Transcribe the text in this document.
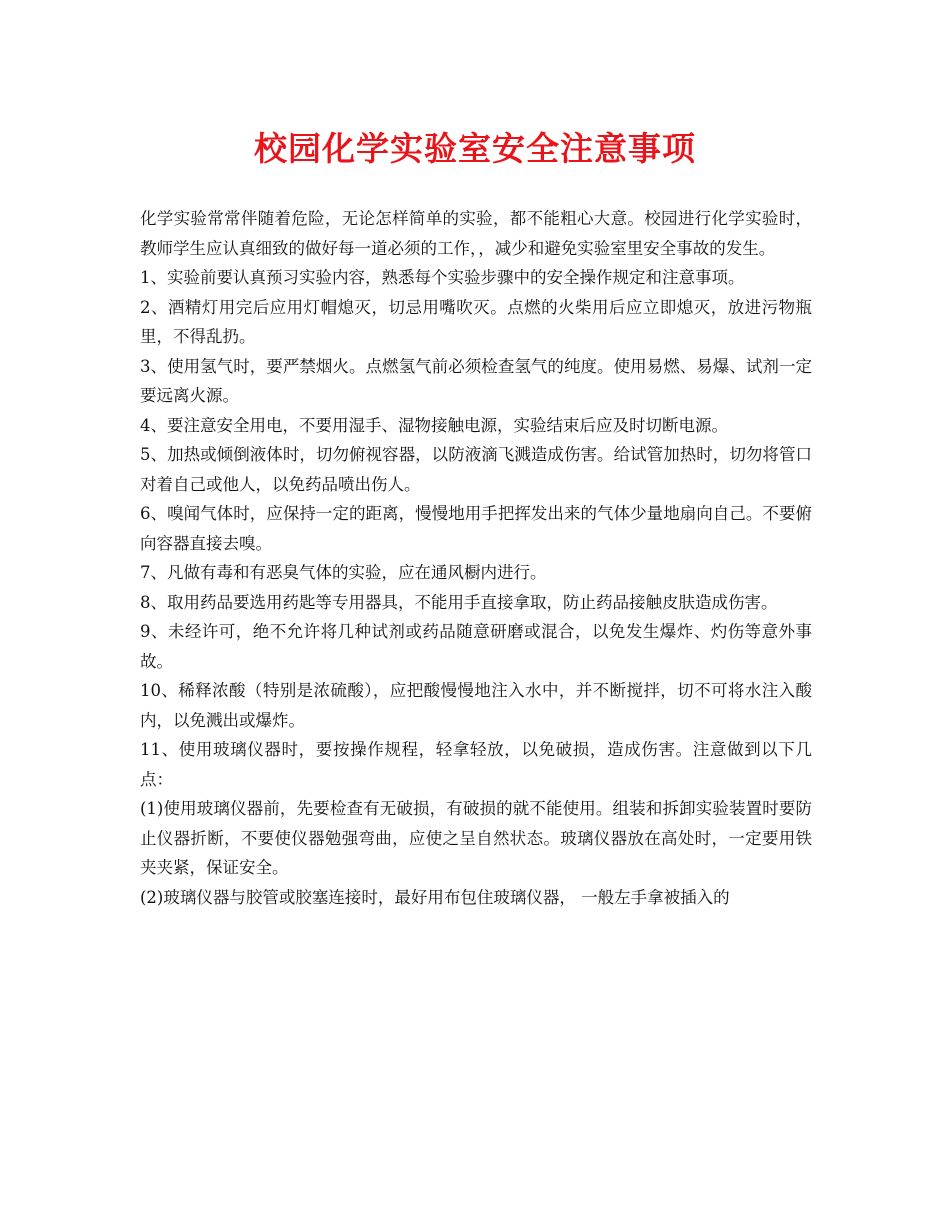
校园化学实验室安全注意事项

化学实验常常伴随着危险，无论怎样简单的实验，都不能粗心大意。校园进行化学实验时，教师学生应认真细致的做好每一道必须的工作，，减少和避免实验室里安全事故的发生。

1、实验前要认真预习实验内容，熟悉每个实验步骤中的安全操作规定和注意事项。

2、酒精灯用完后应用灯帽熄灭，切忌用嘴吹灭。点燃的火柴用后应立即熄灭，放进污物瓶里，不得乱扔。

3、使用氢气时，要严禁烟火。点燃氢气前必须检查氢气的纯度。使用易燃、易爆、试剂一定要远离火源。

4、要注意安全用电，不要用湿手、湿物接触电源，实验结束后应及时切断电源。

5、加热或倾倒液体时，切勿俯视容器，以防液滴飞溅造成伤害。给试管加热时，切勿将管口对着自己或他人，以免药品喷出伤人。

6、嗅闻气体时，应保持一定的距离，慢慢地用手把挥发出来的气体少量地扇向自己。不要俯向容器直接去嗅。

7、凡做有毒和有恶臭气体的实验，应在通风橱内进行。

8、取用药品要选用药匙等专用器具，不能用手直接拿取，防止药品接触皮肤造成伤害。

9、未经许可，绝不允许将几种试剂或药品随意研磨或混合，以免发生爆炸、灼伤等意外事故。

10、稀释浓酸（特别是浓硫酸），应把酸慢慢地注入水中，并不断搅拌，切不可将水注入酸内，以免溅出或爆炸。

11、使用玻璃仪器时，要按操作规程，轻拿轻放，以免破损，造成伤害。注意做到以下几点：

(1)使用玻璃仪器前，先要检查有无破损，有破损的就不能使用。组装和拆卸实验装置时要防止仪器折断，不要使仪器勉强弯曲，应使之呈自然状态。玻璃仪器放在高处时，一定要用铁夹夹紧，保证安全。

(2)玻璃仪器与胶管或胶塞连接时，最好用布包住玻璃仪器， 一般左手拿被插入的
